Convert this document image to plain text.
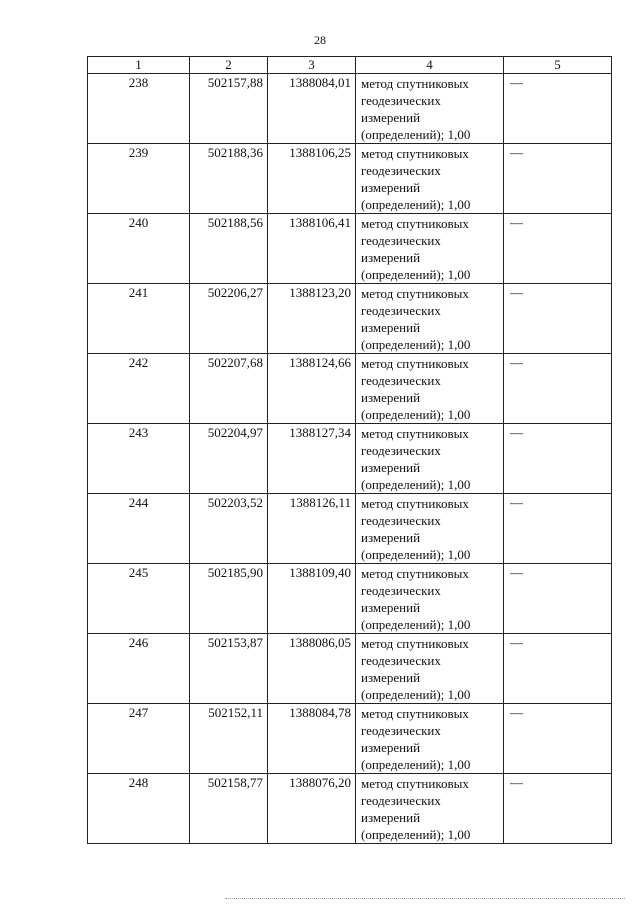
28
1	2	3	4	5
238	502157,88	1388084,01	метод спутниковых
геодезических
измерений
(определений); 1,00	—
239	502188,36	1388106,25	метод спутниковых
геодезических
измерений
(определений); 1,00	—
240	502188,56	1388106,41	метод спутниковых
геодезических
измерений
(определений); 1,00	—
241	502206,27	1388123,20	метод спутниковых
геодезических
измерений
(определений); 1,00	—
242	502207,68	1388124,66	метод спутниковых
геодезических
измерений
(определений); 1,00	—
243	502204,97	1388127,34	метод спутниковых
геодезических
измерений
(определений); 1,00	—
244	502203,52	1388126,11	метод спутниковых
геодезических
измерений
(определений); 1,00	—
245	502185,90	1388109,40	метод спутниковых
геодезических
измерений
(определений); 1,00	—
246	502153,87	1388086,05	метод спутниковых
геодезических
измерений
(определений); 1,00	—
247	502152,11	1388084,78	метод спутниковых
геодезических
измерений
(определений); 1,00	—
248	502158,77	1388076,20	метод спутниковых
геодезических
измерений
(определений); 1,00	—
